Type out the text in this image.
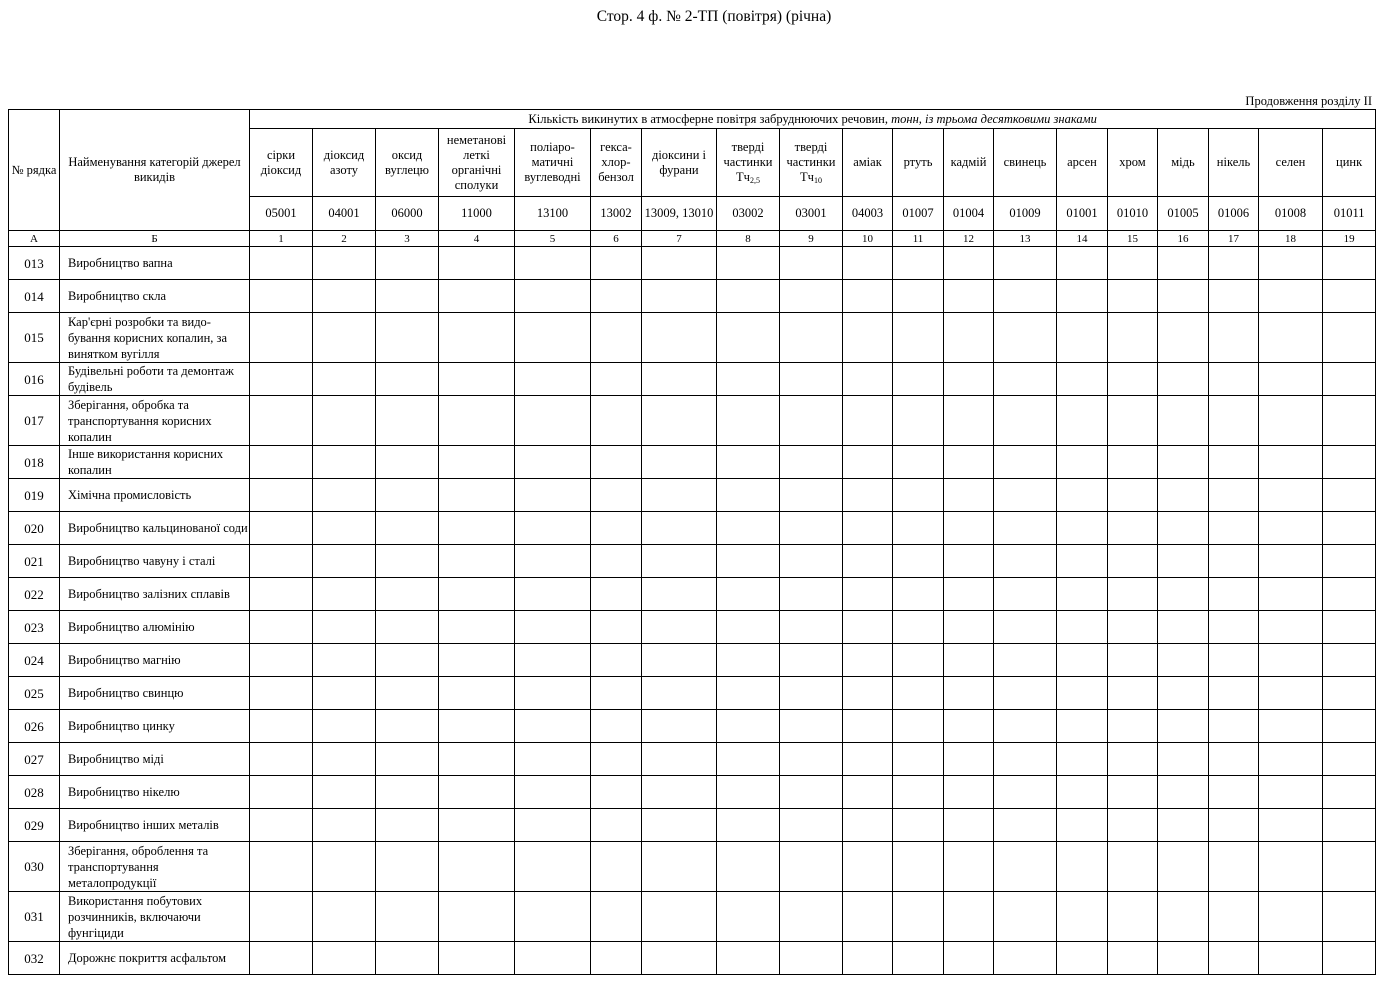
Стор. 4 ф. № 2-ТП (повітря) (річна)
Продовження розділу II
№ рядка	Найменування категорій джерел викидів	Кількість викинутих в атмосферне повітря забруднюючих речовин, тонн, із трьома десятковими знаками																		
		сірки діоксид	діоксид азоту	оксид вуглецю	неметанові леткі органічні сполуки	поліаро-матичні вуглеводні	гекса-хлор-бензол	діоксини і фурани	тверді частинки $Тч_{2,5}$	тверді частинки $Тч_{10}$	аміак	ртуть	кадмій	свинець	арсен	хром	мідь	нікель	селен	цинк
		05001	04001	06000	11000	13100	13002	13009, 13010	03002	03001	04003	01007	01004	01009	01001	01010	01005	01006	01008	01011
А	Б	1	2	3	4	5	6	7	8	9	10	11	12	13	14	15	16	17	18	19
013	Виробництво вапна																			
014	Виробництво скла																			
015	Кар'єрні розробки та видо-бування корисних копалин, за винятком вугілля																			
016	Будівельні роботи та демонтаж будівель																			
017	Зберігання, обробка та транспортування корисних копалин																			
018	Інше використання корисних копалин																			
019	Хімічна промисловість																			
020	Виробництво кальцинованої соди																			
021	Виробництво чавуну і сталі																			
022	Виробництво залізних сплавів																			
023	Виробництво алюмінію																			
024	Виробництво магнію																			
025	Виробництво свинцю																			
026	Виробництво цинку																			
027	Виробництво міді																			
028	Виробництво нікелю																			
029	Виробництво інших металів																			
030	Зберігання, оброблення та транспортування металопродукції																			
031	Використання побутових розчинників, включаючи фунгіциди																			
032	Дорожнє покриття асфальтом																			
